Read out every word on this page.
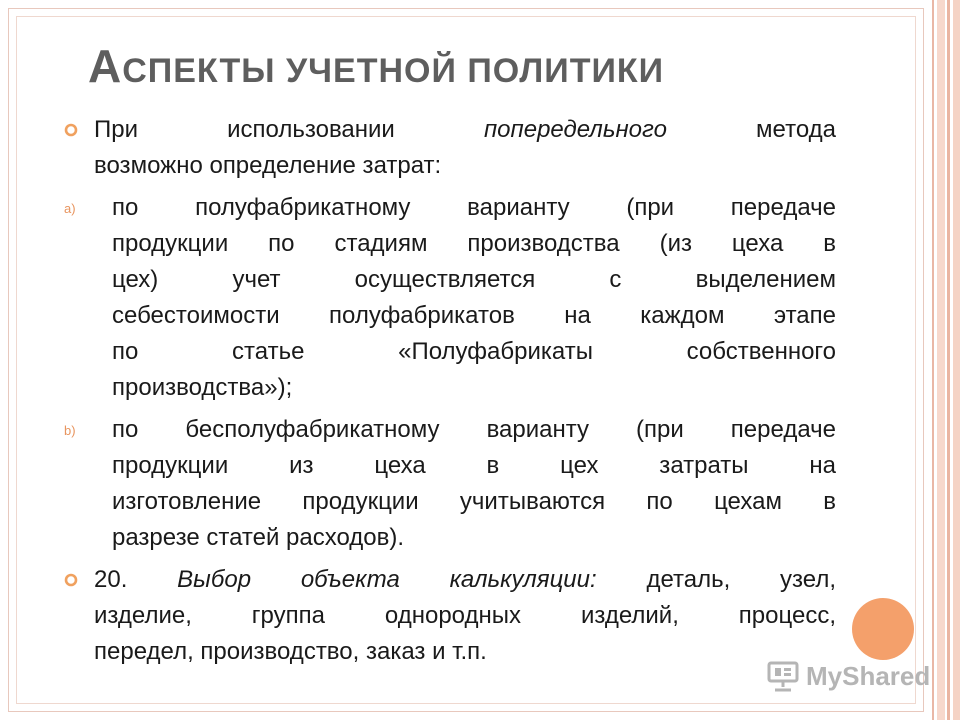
АСПЕКТЫ УЧЕТНОЙ ПОЛИТИКИ
При	использовании	попередельного	метода
возможно определение затрат:
a) по полуфабрикатному варианту (при передаче
продукции по стадиям производства (из цеха в
цех) учет осуществляется с выделением
себестоимости полуфабрикатов на каждом этапе
по статье «Полуфабрикаты собственного
производства»);
b) по бесполуфабрикатному варианту (при передаче
продукции из цеха в цех затраты на
изготовление продукции учитываются по цехам в
разрезе статей расходов).
20. Выбор объекта калькуляции: деталь, узел,
изделие, группа однородных изделий, процесс,
передел, производство, заказ и т.п.
MyShared
